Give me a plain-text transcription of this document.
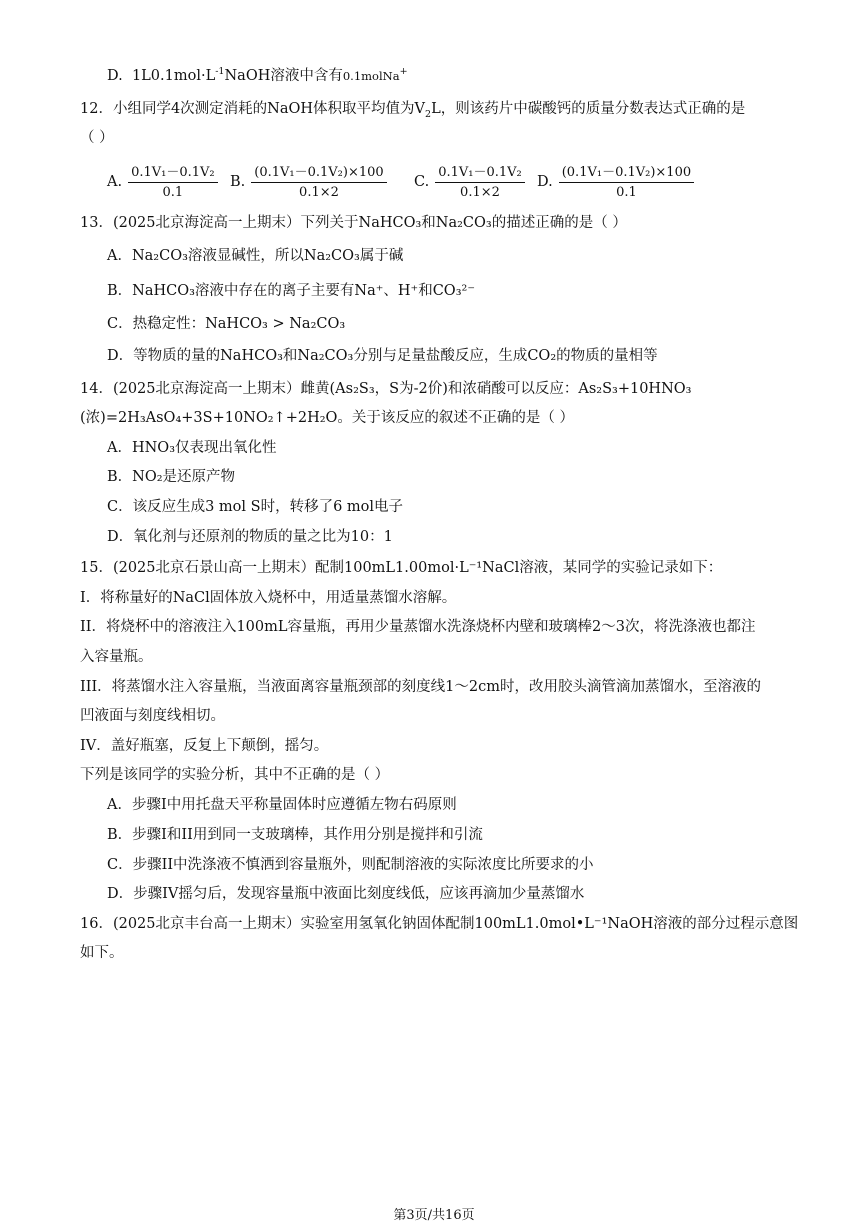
D. $1L0.1mol\cdot L^{-1}NaOH$溶液中含有0.1molNa+
12．小组同学4次测定消耗的NaOH体积取平均值为$V_2L$，则该药片中碳酸钙的质量分数表达式正确的是
（ ）
A. $\frac{\text{0.1V₁－0.1V₂}}{0.1} B$. $\frac{\text{(0.1V₁－0.1V₂)×100}}{0.1\times 2} C$. $\frac{\text{0.1V₁－0.1V₂}}{0.1\times 2} D$. $\frac{\text{(0.1V₁－0.1V₂)×100}}{0.1}$
13．(2025北京海淀高一上期末）下列关于NaHCO₃和Na₂CO₃的描述正确的是（ ）
A．Na₂CO₃溶液显碱性，所以Na₂CO₃属于碱
B．NaHCO₃溶液中存在的离子主要有Na⁺、H⁺和CO₃²⁻
C．热稳定性：NaHCO₃ > Na₂CO₃
D．等物质的量的NaHCO₃和Na₂CO₃分别与足量盐酸反应，生成CO₂的物质的量相等
14．(2025北京海淀高一上期末）雌黄(As₂S₃，S为-2价)和浓硝酸可以反应：As₂S₃+10HNO₃
(浓)=2H₃AsO₄+3S+10NO₂↑+2H₂O。关于该反应的叙述不正确的是（ ）
A．HNO₃仅表现出氧化性
B．NO₂是还原产物
C．该反应生成3 mol S时，转移了6 mol电子
D．氧化剂与还原剂的物质的量之比为10：1
15．(2025北京石景山高一上期末）配制100mL1.00mol·L⁻¹NaCl溶液，某同学的实验记录如下：
I．将称量好的NaCl固体放入烧杯中，用适量蒸馏水溶解。
II．将烧杯中的溶液注入100mL容量瓶，再用少量蒸馏水洗涤烧杯内壁和玻璃棒2～3次，将洗涤液也都注
入容量瓶。
III．将蒸馏水注入容量瓶，当液面离容量瓶颈部的刻度线1～2cm时，改用胶头滴管滴加蒸馏水，至溶液的
凹液面与刻度线相切。
IV．盖好瓶塞，反复上下颠倒，摇匀。
下列是该同学的实验分析，其中不正确的是（ ）
A．步骤I中用托盘天平称量固体时应遵循左物右码原则
B．步骤I和II用到同一支玻璃棒，其作用分别是搅拌和引流
C．步骤II中洗涤液不慎洒到容量瓶外，则配制溶液的实际浓度比所要求的小
D．步骤IV摇匀后，发现容量瓶中液面比刻度线低，应该再滴加少量蒸馏水
16．(2025北京丰台高一上期末）实验室用氢氧化钠固体配制100mL1.0mol•L⁻¹NaOH溶液的部分过程示意图
如下。
第3页/共16页
